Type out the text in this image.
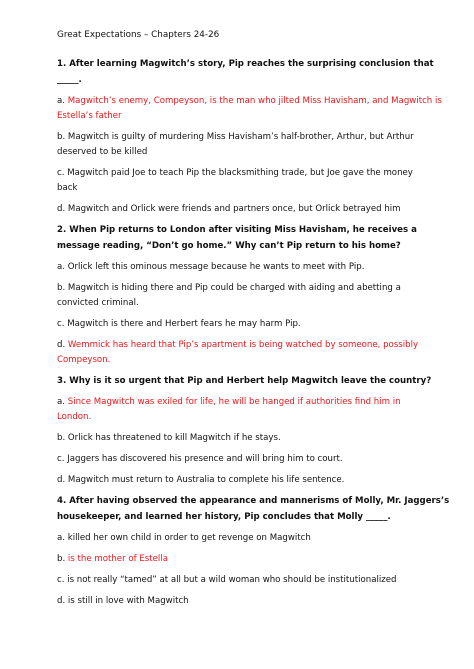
Great Expectations – Chapters 24-26
1. After learning Magwitch’s story, Pip reaches the surprising conclusion that
_____.
a. Magwitch’s enemy, Compeyson, is the man who jilted Miss Havisham, and Magwitch is
Estella’s father
b. Magwitch is guilty of murdering Miss Havisham’s half-brother, Arthur, but Arthur
deserved to be killed
c. Magwitch paid Joe to teach Pip the blacksmithing trade, but Joe gave the money
back
d. Magwitch and Orlick were friends and partners once, but Orlick betrayed him
2. When Pip returns to London after visiting Miss Havisham, he receives a
message reading, “Don’t go home.” Why can’t Pip return to his home?
a. Orlick left this ominous message because he wants to meet with Pip.
b. Magwitch is hiding there and Pip could be charged with aiding and abetting a
convicted criminal.
c. Magwitch is there and Herbert fears he may harm Pip.
d. Wemmick has heard that Pip’s apartment is being watched by someone, possibly
Compeyson.
3. Why is it so urgent that Pip and Herbert help Magwitch leave the country?
a. Since Magwitch was exiled for life, he will be hanged if authorities find him in
London.
b. Orlick has threatened to kill Magwitch if he stays.
c. Jaggers has discovered his presence and will bring him to court.
d. Magwitch must return to Australia to complete his life sentence.
4. After having observed the appearance and mannerisms of Molly, Mr. Jaggers’s
housekeeper, and learned her history, Pip concludes that Molly _____.
a. killed her own child in order to get revenge on Magwitch
b. is the mother of Estella
c. is not really “tamed” at all but a wild woman who should be institutionalized
d. is still in love with Magwitch
